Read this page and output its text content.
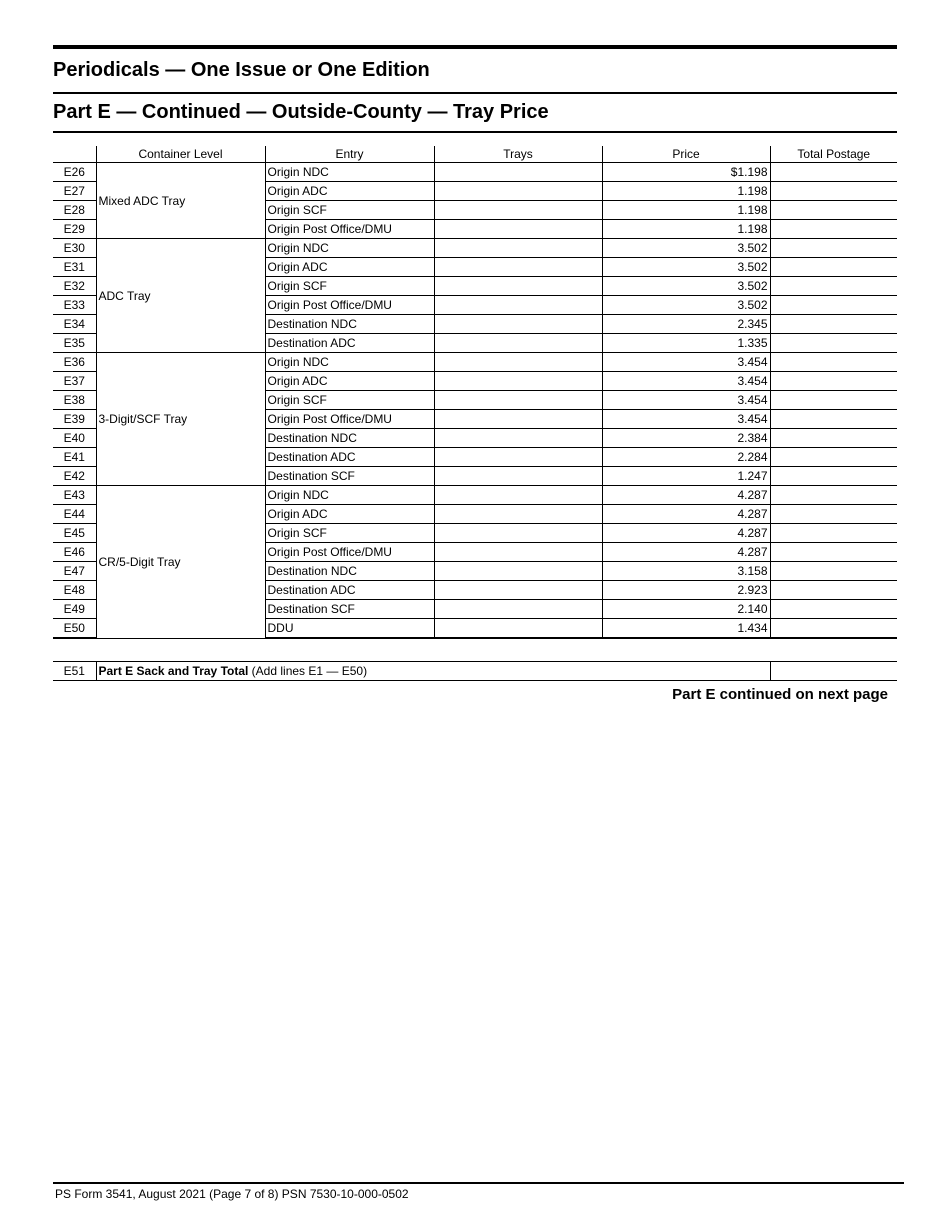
Periodicals — One Issue or One Edition
Part E — Continued — Outside-County — Tray Price
	Container Level	Entry	Trays	Price	Total Postage
E26	Mixed ADC Tray	Origin NDC		$1.198	
E27		Origin ADC		1.198	
E28		Origin SCF		1.198	
E29		Origin Post Office/DMU		1.198	
E30	ADC Tray	Origin NDC		3.502	
E31		Origin ADC		3.502	
E32		Origin SCF		3.502	
E33		Origin Post Office/DMU		3.502	
E34		Destination NDC		2.345	
E35		Destination ADC		1.335	
E36	3-Digit/SCF Tray	Origin NDC		3.454	
E37		Origin ADC		3.454	
E38		Origin SCF		3.454	
E39		Origin Post Office/DMU		3.454	
E40		Destination NDC		2.384	
E41		Destination ADC		2.284	
E42		Destination SCF		1.247	
E43	CR/5-Digit Tray	Origin NDC		4.287	
E44		Origin ADC		4.287	
E45		Origin SCF		4.287	
E46		Origin Post Office/DMU		4.287	
E47		Destination NDC		3.158	
E48		Destination ADC		2.923	
E49		Destination SCF		2.140	
E50		DDU		1.434	
E51	Part E Sack and Tray Total (Add lines E1 — E50)	
Part E continued on next page
PS Form 3541, August 2021 (Page 7 of 8) PSN 7530-10-000-0502
